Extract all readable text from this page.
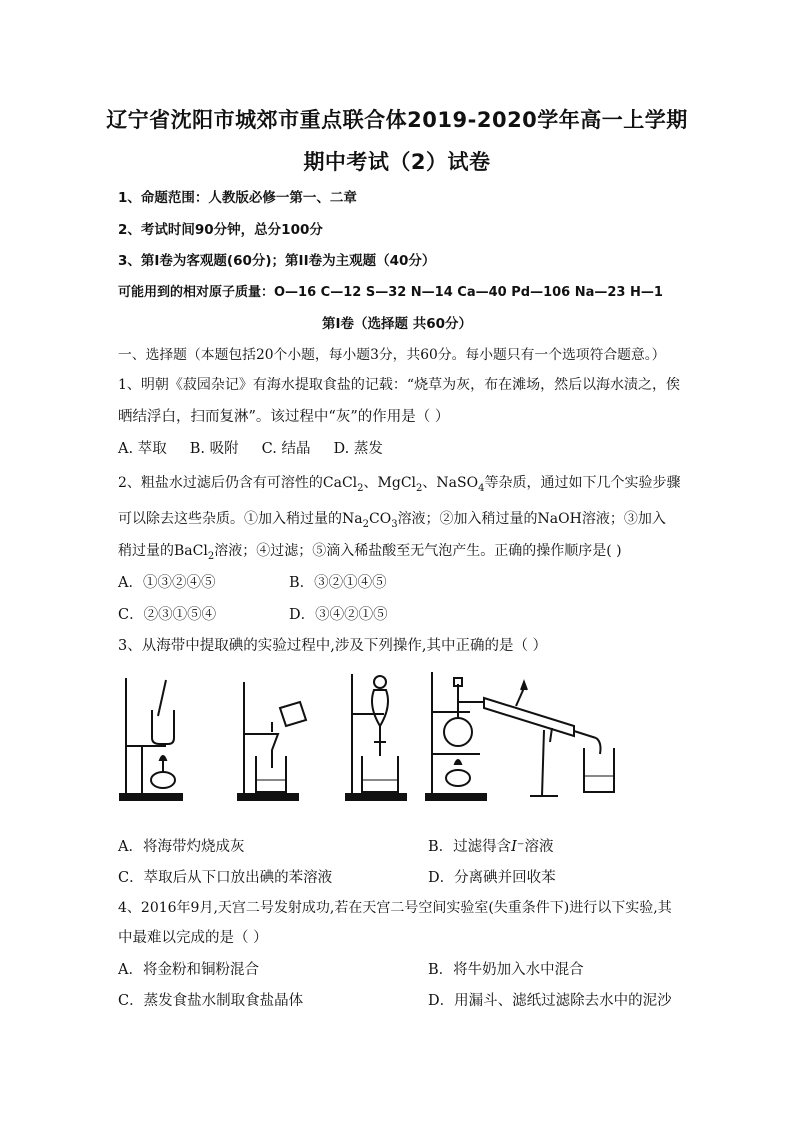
辽宁省沈阳市城郊市重点联合体2019-2020学年高一上学期
期中考试（2）试卷
1、命题范围：人教版必修一第一、二章
2、考试时间90分钟，总分100分
3、第I卷为客观题(60分)；第II卷为主观题（40分）
可能用到的相对原子质量：O—16 C—12 S—32 N—14 Ca—40 Pd—106 Na—23 H—1
第I卷（选择题 共60分）
一、选择题（本题包括20个小题，每小题3分，共60分。每小题只有一个选项符合题意。）
1、明朝《菽园杂记》有海水提取食盐的记载：“烧草为灰，布在滩场，然后以海水渍之，俟
晒结浮白，扫而复淋”。该过程中“灰”的作用是（ ）
A. 萃取     B. 吸附     C. 结晶     D. 蒸发
2、粗盐水过滤后仍含有可溶性的CaCl$_2$、MgCl$_2$、NaSO$_4$等杂质，通过如下几个实验步骤
可以除去这些杂质。①加入稍过量的$Na_2CO_3$溶液；②加入稍过量的NaOH溶液；③加入
稍过量的BaCl$_2$溶液；④过滤；⑤滴入稀盐酸至无气泡产生。正确的操作顺序是( )
A．①③②④⑤	B．③②①④⑤
C．②③①⑤④	D．③④②①⑤
3、从海带中提取碘的实验过程中,涉及下列操作,其中正确的是（ ）
A．将海带灼烧成灰	B．过滤得含I⁻溶液
C．萃取后从下口放出碘的苯溶液	D．分离碘并回收苯
4、2016年9月,天宫二号发射成功,若在天宫二号空间实验室(失重条件下)进行以下实验,其
中最难以完成的是（ ）
A．将金粉和铜粉混合	B．将牛奶加入水中混合
C．蒸发食盐水制取食盐晶体	D．用漏斗、滤纸过滤除去水中的泥沙
